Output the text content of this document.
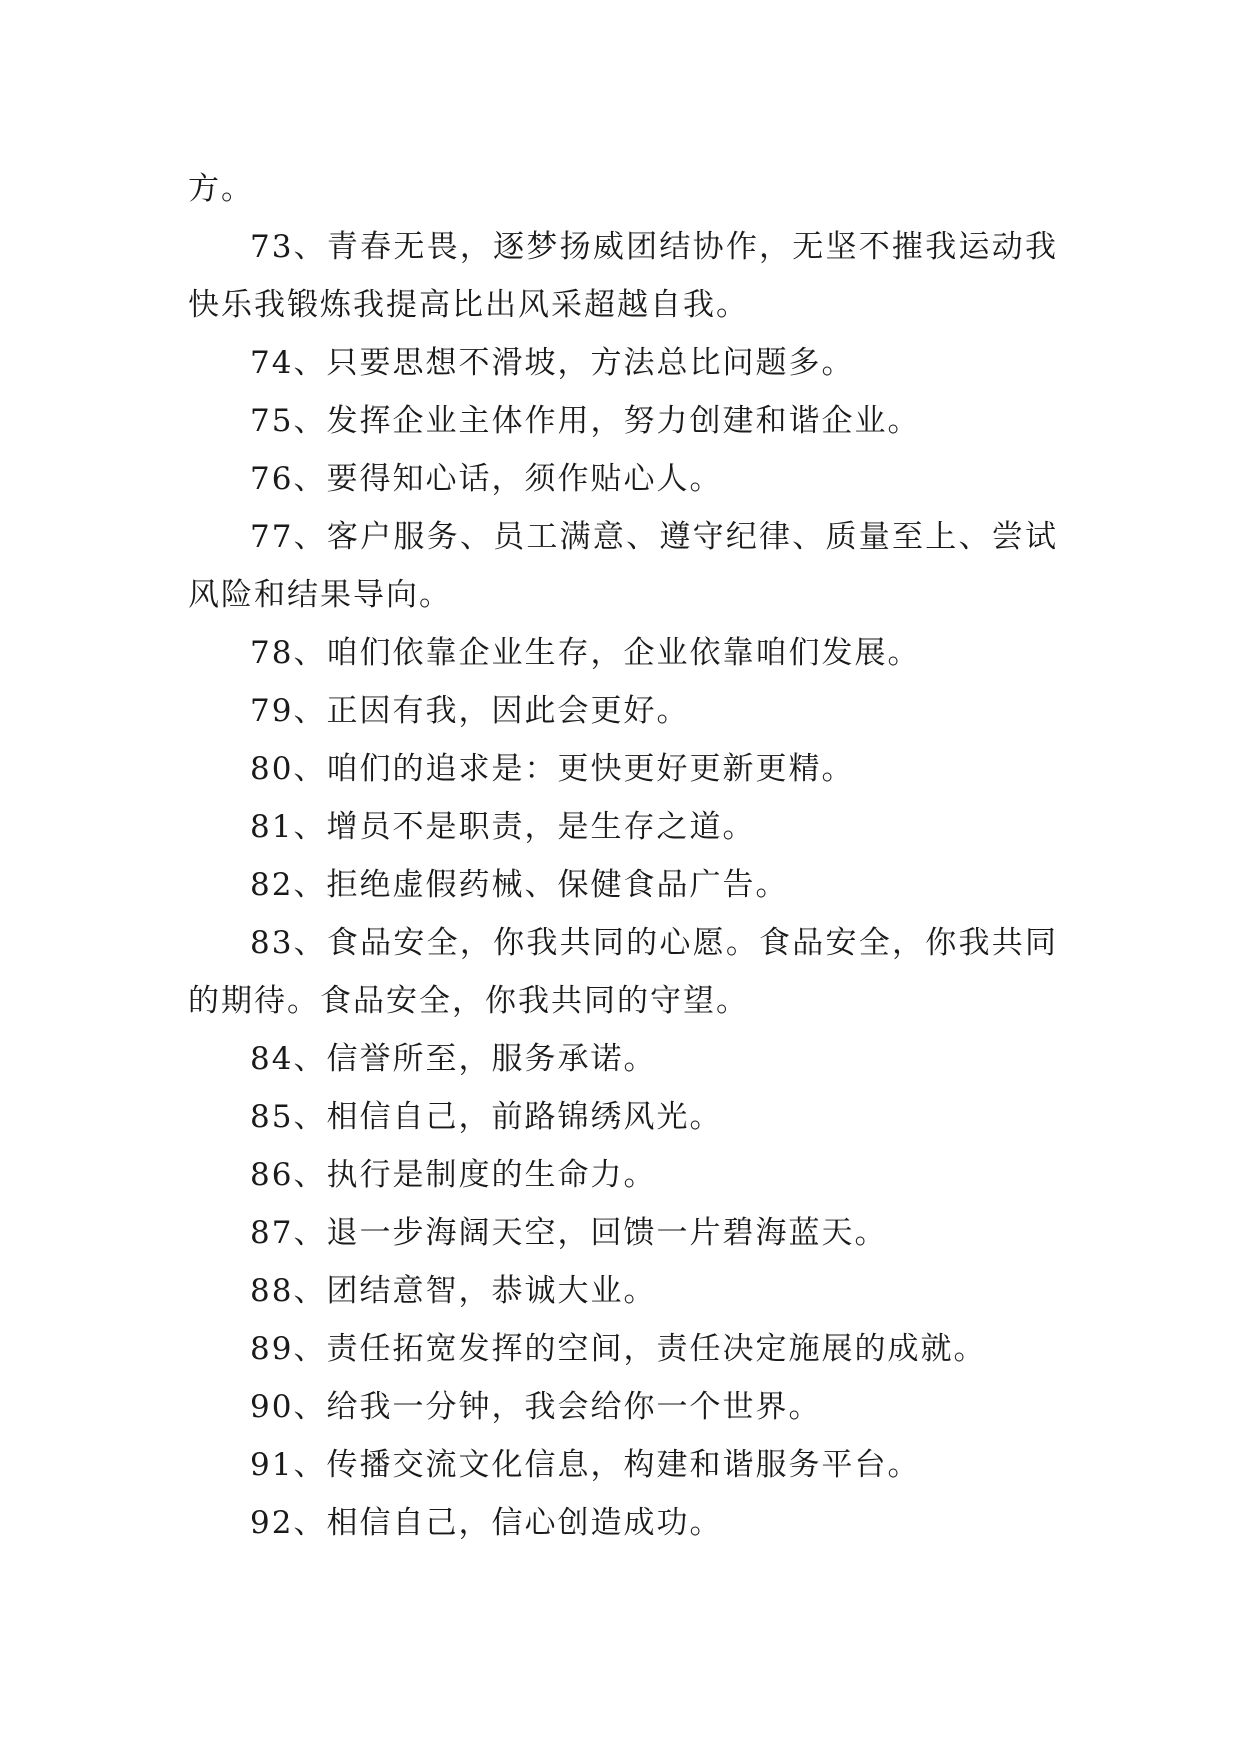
方。

73、青春无畏，逐梦扬威团结协作，无坚不摧我运动我快乐我锻炼我提高比出风采超越自我。

74、只要思想不滑坡，方法总比问题多。

75、发挥企业主体作用，努力创建和谐企业。

76、要得知心话，须作贴心人。

77、客户服务、员工满意、遵守纪律、质量至上、尝试风险和结果导向。

78、咱们依靠企业生存，企业依靠咱们发展。

79、正因有我，因此会更好。

80、咱们的追求是：更快更好更新更精。

81、增员不是职责，是生存之道。

82、拒绝虚假药械、保健食品广告。

83、食品安全，你我共同的心愿。食品安全，你我共同的期待。食品安全，你我共同的守望。

84、信誉所至，服务承诺。

85、相信自己，前路锦绣风光。

86、执行是制度的生命力。

87、退一步海阔天空，回馈一片碧海蓝天。

88、团结意智，恭诚大业。

89、责任拓宽发挥的空间，责任决定施展的成就。

90、给我一分钟，我会给你一个世界。

91、传播交流文化信息，构建和谐服务平台。

92、相信自己，信心创造成功。
